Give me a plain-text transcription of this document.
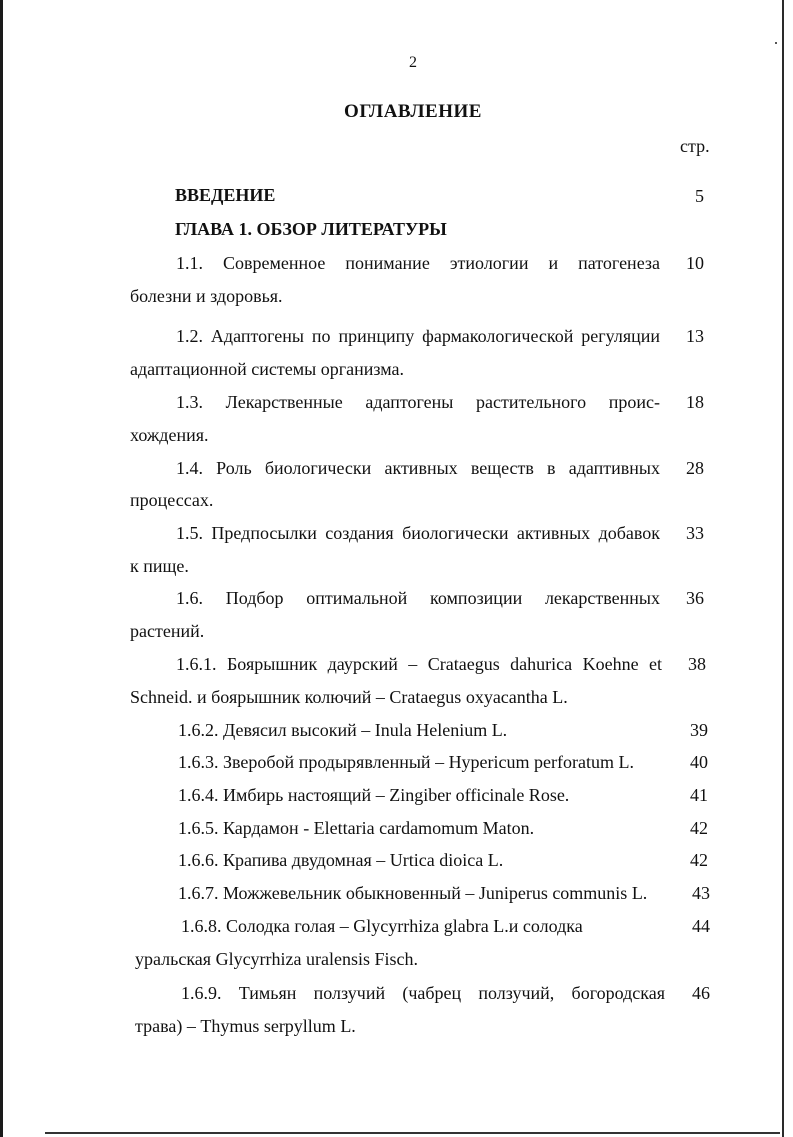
2
ОГЛАВЛЕНИЕ
стр.
ВВЕДЕНИЕ	5
ГЛАВА 1. ОБЗОР ЛИТЕРАТУРЫ
1.1. Современное понимание этиологии и патогенеза	10
болезни и здоровья.
1.2. Адаптогены по принципу фармакологической регуляции	13
адаптационной системы организма.
1.3. Лекарственные адаптогены растительного проис-	18
хождения.
1.4. Роль биологически активных веществ в адаптивных	28
процессах.
1.5. Предпосылки создания биологически активных добавок	33
к пище.
1.6. Подбор оптимальной композиции лекарственных	36
растений.
1.6.1. Боярышник даурский – Crataegus dahurica Koehne et	38
Schneid. и боярышник колючий – Crataegus oxyacantha L.
1.6.2. Девясил высокий – Inula Helenium L.	39
1.6.3. Зверобой продырявленный – Hypericum perforatum L.	40
1.6.4. Имбирь настоящий – Zingiber officinale Rose.	41
1.6.5. Кардамон - Elettaria cardamomum Maton.	42
1.6.6. Крапива двудомная – Urtica dioica L.	42
1.6.7. Можжевельник обыкновенный – Juniperus communis L.	43
1.6.8. Солодка голая – Glycyrrhiza glabra L.и солодка	44
уральская Glycyrrhiza uralensis Fisch.
1.6.9. Тимьян ползучий (чабрец ползучий, богородская	46
трава) – Thymus serpyllum L.
